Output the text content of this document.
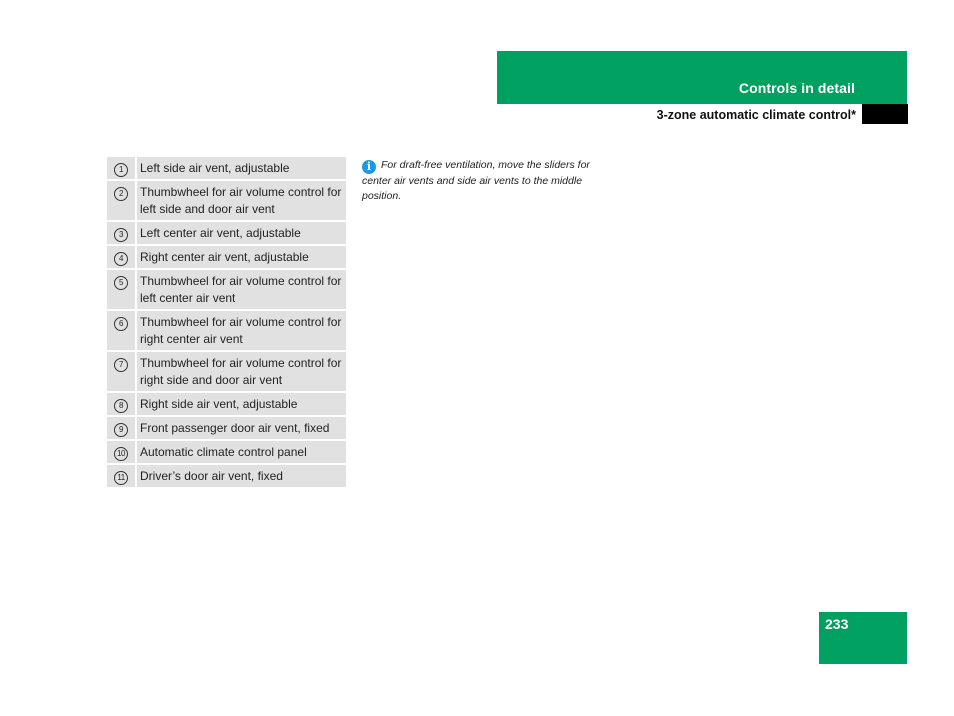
Controls in detail
3-zone automatic climate control*
1	Left side air vent, adjustable
2	Thumbwheel for air volume control for left side and door air vent
3	Left center air vent, adjustable
4	Right center air vent, adjustable
5	Thumbwheel for air volume control for left center air vent
6	Thumbwheel for air volume control for right center air vent
7	Thumbwheel for air volume control for right side and door air vent
8	Right side air vent, adjustable
9	Front passenger door air vent, fixed
10	Automatic climate control panel
11	Driver’s door air vent, fixed
i For draft-free ventilation, move the sliders for center air vents and side air vents to the middle position.
233
